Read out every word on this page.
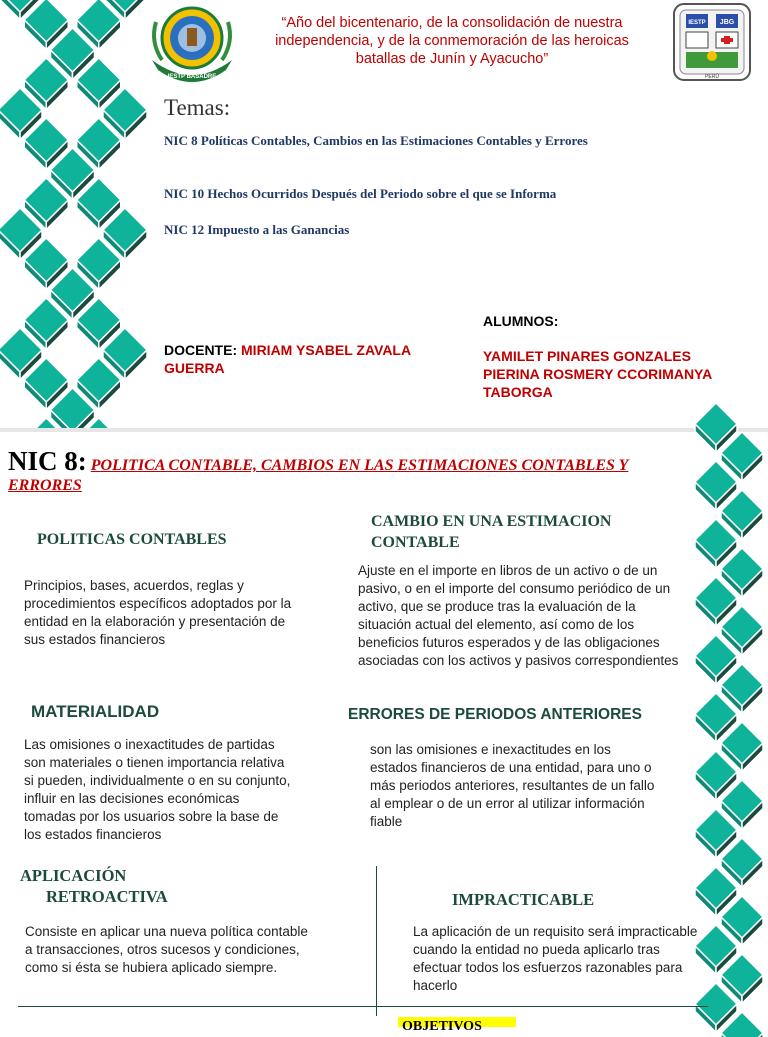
IESTP BASADRE
“Año del bicentenario, de la consolidación de nuestra independencia, y de la conmemoración de las heroicas batallas de Junín y Ayacucho”
IESTP JBG
PERÚ
Temas:
NIC 8 Políticas Contables, Cambios en las Estimaciones Contables y Errores
NIC 10 Hechos Ocurridos Después del Periodo sobre el que se Informa
NIC 12 Impuesto a las Ganancias
DOCENTE: MIRIAM YSABEL ZAVALA GUERRA
ALUMNOS:
YAMILET PINARES GONZALES
PIERINA ROSMERY CCORIMANYA TABORGA
NIC 8: POLITICA CONTABLE, CAMBIOS EN LAS ESTIMACIONES CONTABLES Y ERRORES
POLITICAS CONTABLES
Principios, bases, acuerdos, reglas y procedimientos específicos adoptados por la entidad en la elaboración y presentación de sus estados financieros
CAMBIO EN UNA ESTIMACION CONTABLE
Ajuste en el importe en libros de un activo o de un pasivo, o en el importe del consumo periódico de un activo, que se produce tras la evaluación de la situación actual del elemento, así como de los beneficios futuros esperados y de las obligaciones asociadas con los activos y pasivos correspondientes
MATERIALIDAD
Las omisiones o inexactitudes de partidas son materiales o tienen importancia relativa si pueden, individualmente o en su conjunto, influir en las decisiones económicas tomadas por los usuarios sobre la base de los estados financieros
ERRORES DE PERIODOS ANTERIORES
son las omisiones e inexactitudes en los estados financieros de una entidad, para uno o más periodos anteriores, resultantes de un fallo al emplear o de un error al utilizar información fiable
APLICACIÓN
RETROACTIVA
Consiste en aplicar una nueva política contable a transacciones, otros sucesos y condiciones, como si ésta se hubiera aplicado siempre.
IMPRACTICABLE
La aplicación de un requisito será impracticable cuando la entidad no pueda aplicarlo tras efectuar todos los esfuerzos razonables para hacerlo
OBJETIVOS
